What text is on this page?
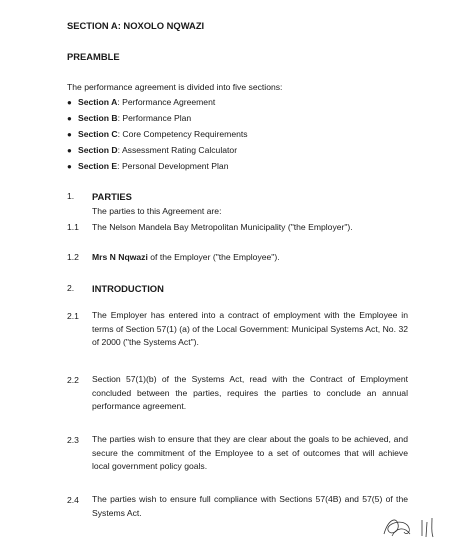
SECTION A: NOXOLO NQWAZI
PREAMBLE
The performance agreement is divided into five sections:
● Section A: Performance Agreement
● Section B: Performance Plan
● Section C: Core Competency Requirements
● Section D: Assessment Rating Calculator
● Section E: Personal Development Plan
1. PARTIES
The parties to this Agreement are:
1.1 The Nelson Mandela Bay Metropolitan Municipality ("the Employer").
1.2 Mrs N Nqwazi of the Employer ("the Employee").
2. INTRODUCTION
2.1 The Employer has entered into a contract of employment with the Employee in terms of Section 57(1) (a) of the Local Government: Municipal Systems Act, No. 32 of 2000 ("the Systems Act").
2.2 Section 57(1)(b) of the Systems Act, read with the Contract of Employment concluded between the parties, requires the parties to conclude an annual performance agreement.
2.3 The parties wish to ensure that they are clear about the goals to be achieved, and secure the commitment of the Employee to a set of outcomes that will achieve local government policy goals.
2.4 The parties wish to ensure full compliance with Sections 57(4B) and 57(5) of the Systems Act.
